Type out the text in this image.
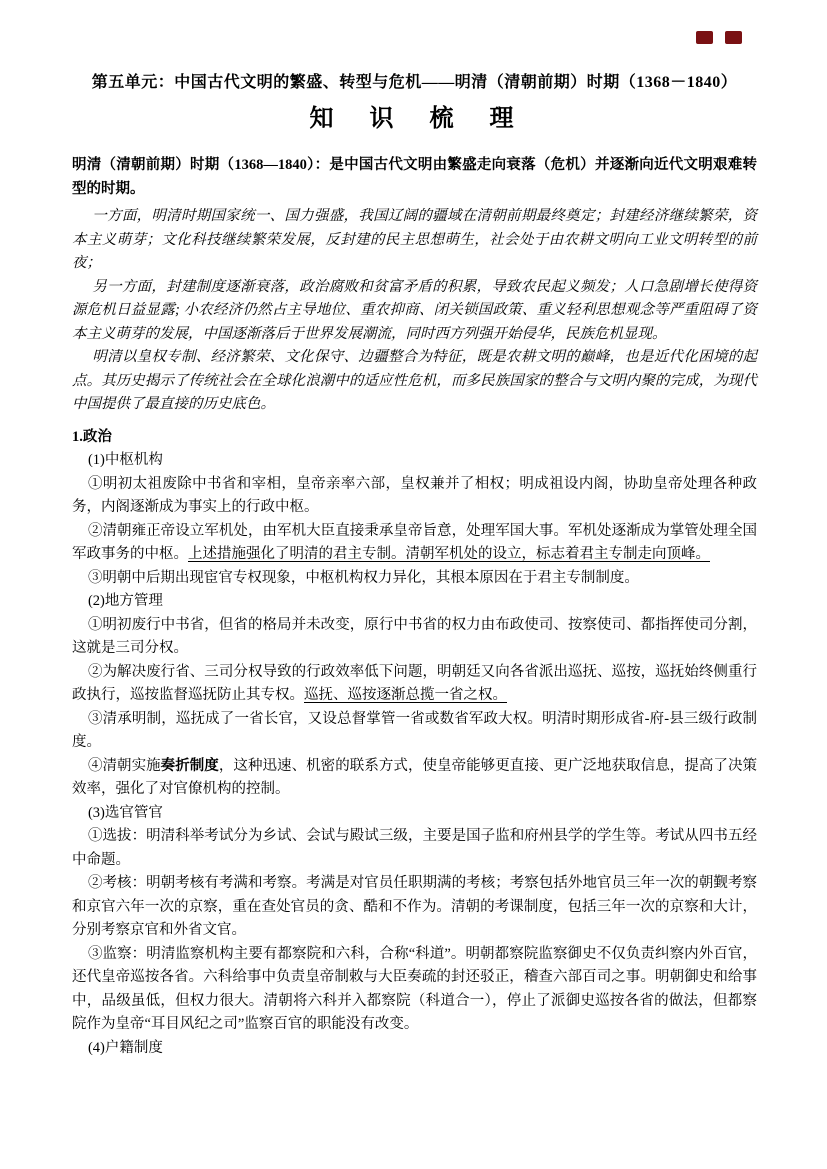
第五单元：中国古代文明的繁盛、转型与危机――明清（清朝前期）时期（1368－1840）
知　识　梳　理

明清（清朝前期）时期（1368—1840）：是中国古代文明由繁盛走向衰落（危机）并逐渐向近代文明艰难转型的时期。

一方面，明清时期国家统一、国力强盛，我国辽阔的疆域在清朝前期最终奠定；封建经济继续繁荣，资本主义萌芽；文化科技继续繁荣发展，反封建的民主思想萌生，社会处于由农耕文明向工业文明转型的前夜；

另一方面，封建制度逐渐衰落，政治腐败和贫富矛盾的积累，导致农民起义频发；人口急剧增长使得资源危机日益显露; 小农经济仍然占主导地位、重农抑商、闭关锁国政策、重义轻利思想观念等严重阻碍了资本主义萌芽的发展，中国逐渐落后于世界发展潮流，同时西方列强开始侵华，民族危机显现。

明清以皇权专制、经济繁荣、文化保守、边疆整合为特征，既是农耕文明的巅峰，也是近代化困境的起点。其历史揭示了传统社会在全球化浪潮中的适应性危机，而多民族国家的整合与文明内聚的完成，为现代中国提供了最直接的历史底色。

1.政治

(1)中枢机构

①明初太祖废除中书省和宰相，皇帝亲率六部，皇权兼并了相权；明成祖设内阁，协助皇帝处理各种政务，内阁逐渐成为事实上的行政中枢。

②清朝雍正帝设立军机处，由军机大臣直接秉承皇帝旨意，处理军国大事。军机处逐渐成为掌管处理全国军政事务的中枢。上述措施强化了明清的君主专制。清朝军机处的设立，标志着君主专制走向顶峰。

③明朝中后期出现宦官专权现象，中枢机构权力异化，其根本原因在于君主专制制度。

(2)地方管理

①明初废行中书省，但省的格局并未改变，原行中书省的权力由布政使司、按察使司、都指挥使司分割，这就是三司分权。

②为解决废行省、三司分权导致的行政效率低下问题，明朝廷又向各省派出巡抚、巡按，巡抚始终侧重行政执行，巡按监督巡抚防止其专权。巡抚、巡按逐渐总揽一省之权。

③清承明制，巡抚成了一省长官，又设总督掌管一省或数省军政大权。明清时期形成省-府-县三级行政制度。

④清朝实施奏折制度，这种迅速、机密的联系方式，使皇帝能够更直接、更广泛地获取信息，提高了决策效率，强化了对官僚机构的控制。

(3)选官管官

①选拔：明清科举考试分为乡试、会试与殿试三级，主要是国子监和府州县学的学生等。考试从四书五经中命题。

②考核：明朝考核有考满和考察。考满是对官员任职期满的考核；考察包括外地官员三年一次的朝觐考察和京官六年一次的京察，重在查处官员的贪、酷和不作为。清朝的考课制度，包括三年一次的京察和大计，分别考察京官和外省文官。

③监察：明清监察机构主要有都察院和六科，合称“科道”。明朝都察院监察御史不仅负责纠察内外百官，还代皇帝巡按各省。六科给事中负责皇帝制敕与大臣奏疏的封还驳正，稽查六部百司之事。明朝御史和给事中，品级虽低，但权力很大。清朝将六科并入都察院（科道合一），停止了派御史巡按各省的做法，但都察院作为皇帝“耳目风纪之司”监察百官的职能没有改变。

(4)户籍制度
